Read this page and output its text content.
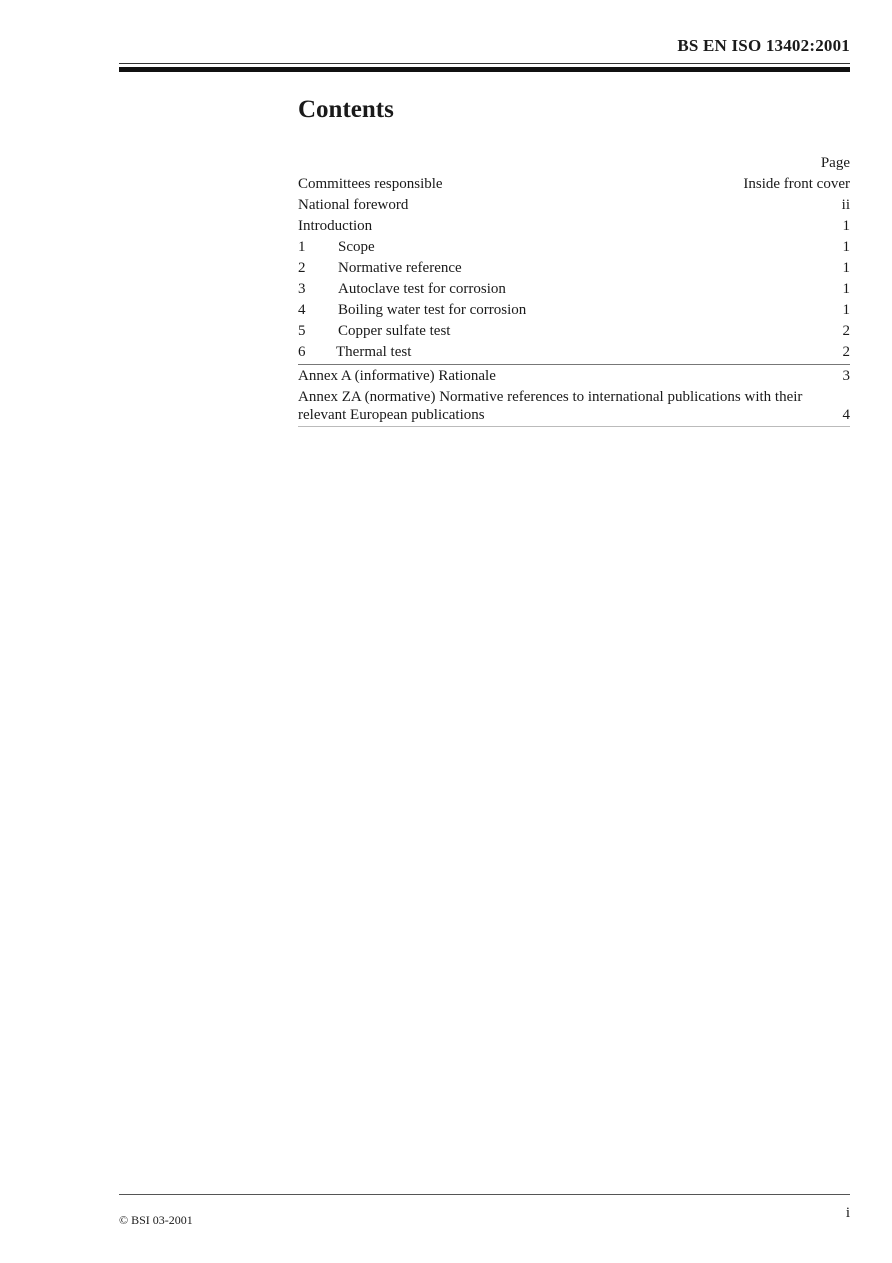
BS EN ISO 13402:2001
Contents
Page
Committees responsible	Inside front cover
National foreword	ii
Introduction	1
1	Scope	1
2	Normative reference	1
3	Autoclave test for corrosion	1
4	Boiling water test for corrosion	1
5	Copper sulfate test	2
6	Thermal test	2
Annex A (informative) Rationale	3
Annex ZA (normative) Normative references to international publications with their relevant European publications	4
© BSI 03-2001	i
